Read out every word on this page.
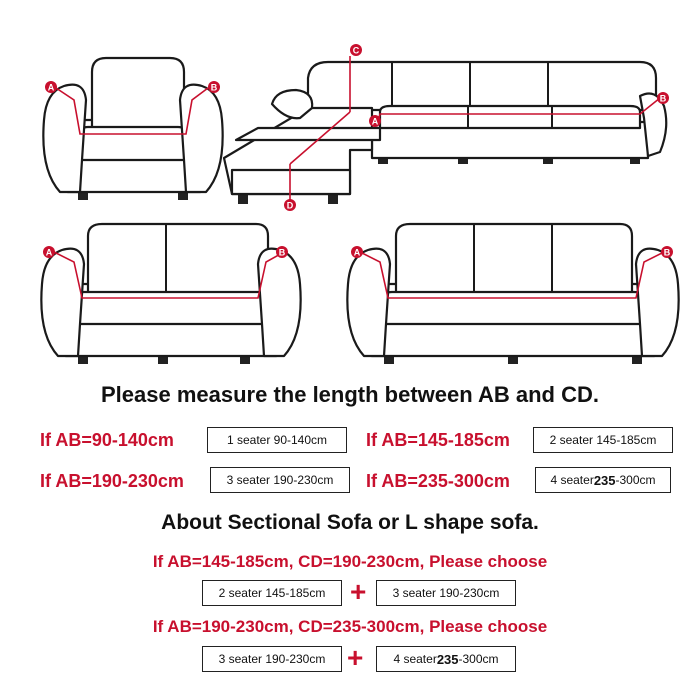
A	B
C
A
B
D
A	B	A	B
Please measure the length between AB and CD.
If AB=90-140cm	1 seater 90-140cm	If AB=145-185cm	2 seater 145-185cm
If AB=190-230cm	3 seater 190-230cm	If AB=235-300cm	4 seater 235 -300cm
About Sectional Sofa or L shape sofa.
If AB=145-185cm, CD=190-230cm, Please choose
2 seater 145-185cm +	3 seater 190-230cm
If AB=190-230cm, CD=235-300cm, Please choose
3 seater 190-230cm +	4 seater 235 -300cm
